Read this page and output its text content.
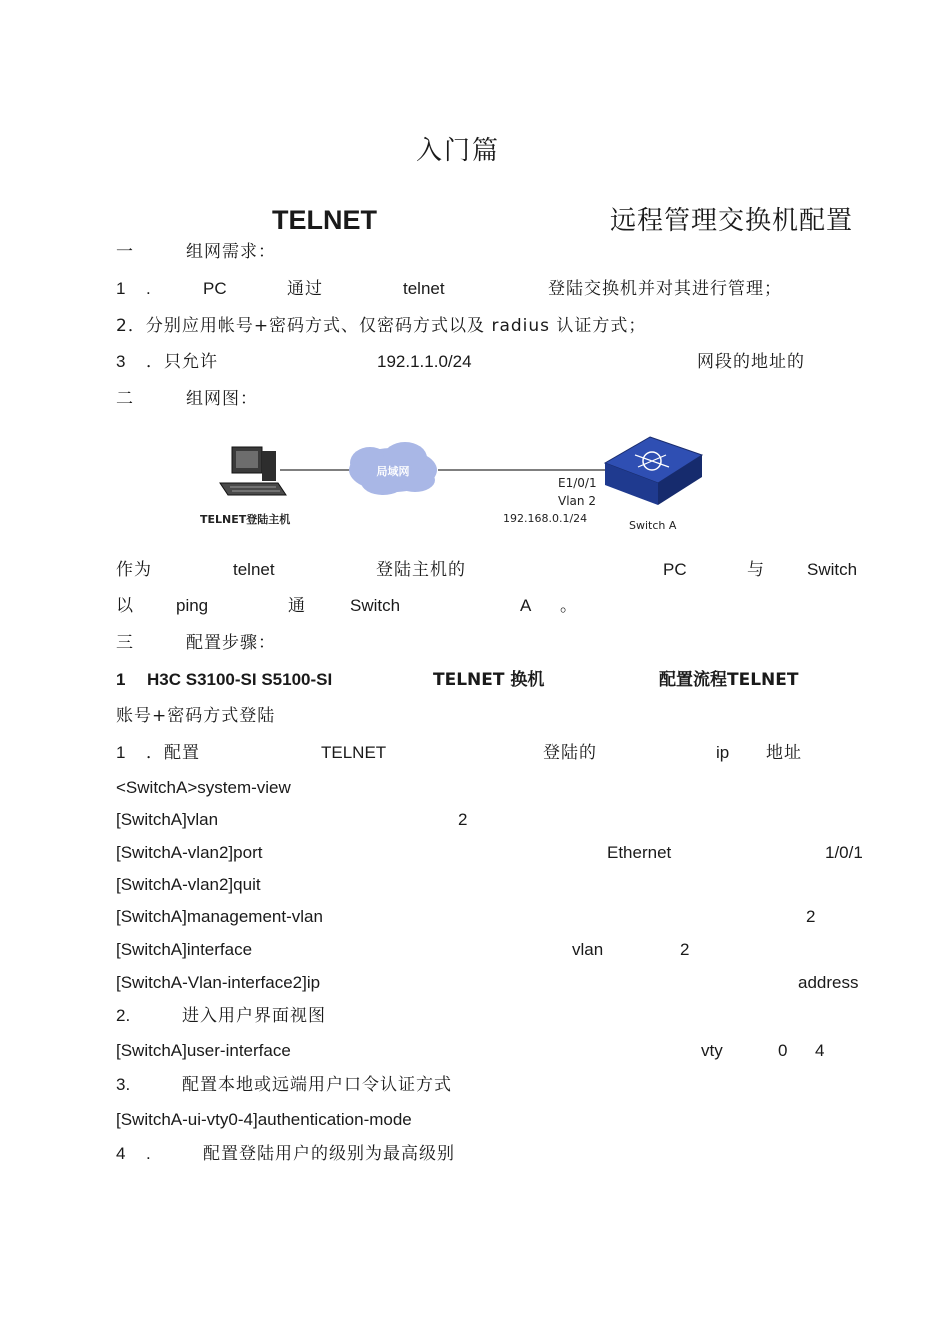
入门篇
TELNET	远程管理交换机配置
一	组网需求：
1 .	PC	通过	telnet	登陆交换机并对其进行管理；
2．分别应用帐号+密码方式、仅密码方式以及 radius 认证方式；
3 ．只允许	192.1.1.0/24	网段的地址的
二	组网图：
局域网
TELNET登陆主机
E1/0/1
Vlan 2
192.168.0.1/24
Switch A
作为	telnet	登陆主机的	PC	与 Switch
以 ping	通	Switch	A 。
三	配置步骤：
1 H3C S3100-SI S5100-SI	TELNET 换机	配置流程TELNET
账号+密码方式登陆
1 ．配置	TELNET	登陆的	ip 地址
<SwitchA>system-view
[SwitchA]vlan	2
[SwitchA-vlan2]port	Ethernet	1/0/1
[SwitchA-vlan2]quit
[SwitchA]management-vlan	2
[SwitchA]interface	vlan	2
[SwitchA-Vlan-interface2]ip	address
2.	进入用户界面视图
[SwitchA]user-interface	vty	0 4
3.	配置本地或远端用户口令认证方式
[SwitchA-ui-vty0-4]authentication-mode
4 .	配置登陆用户的级别为最高级别
